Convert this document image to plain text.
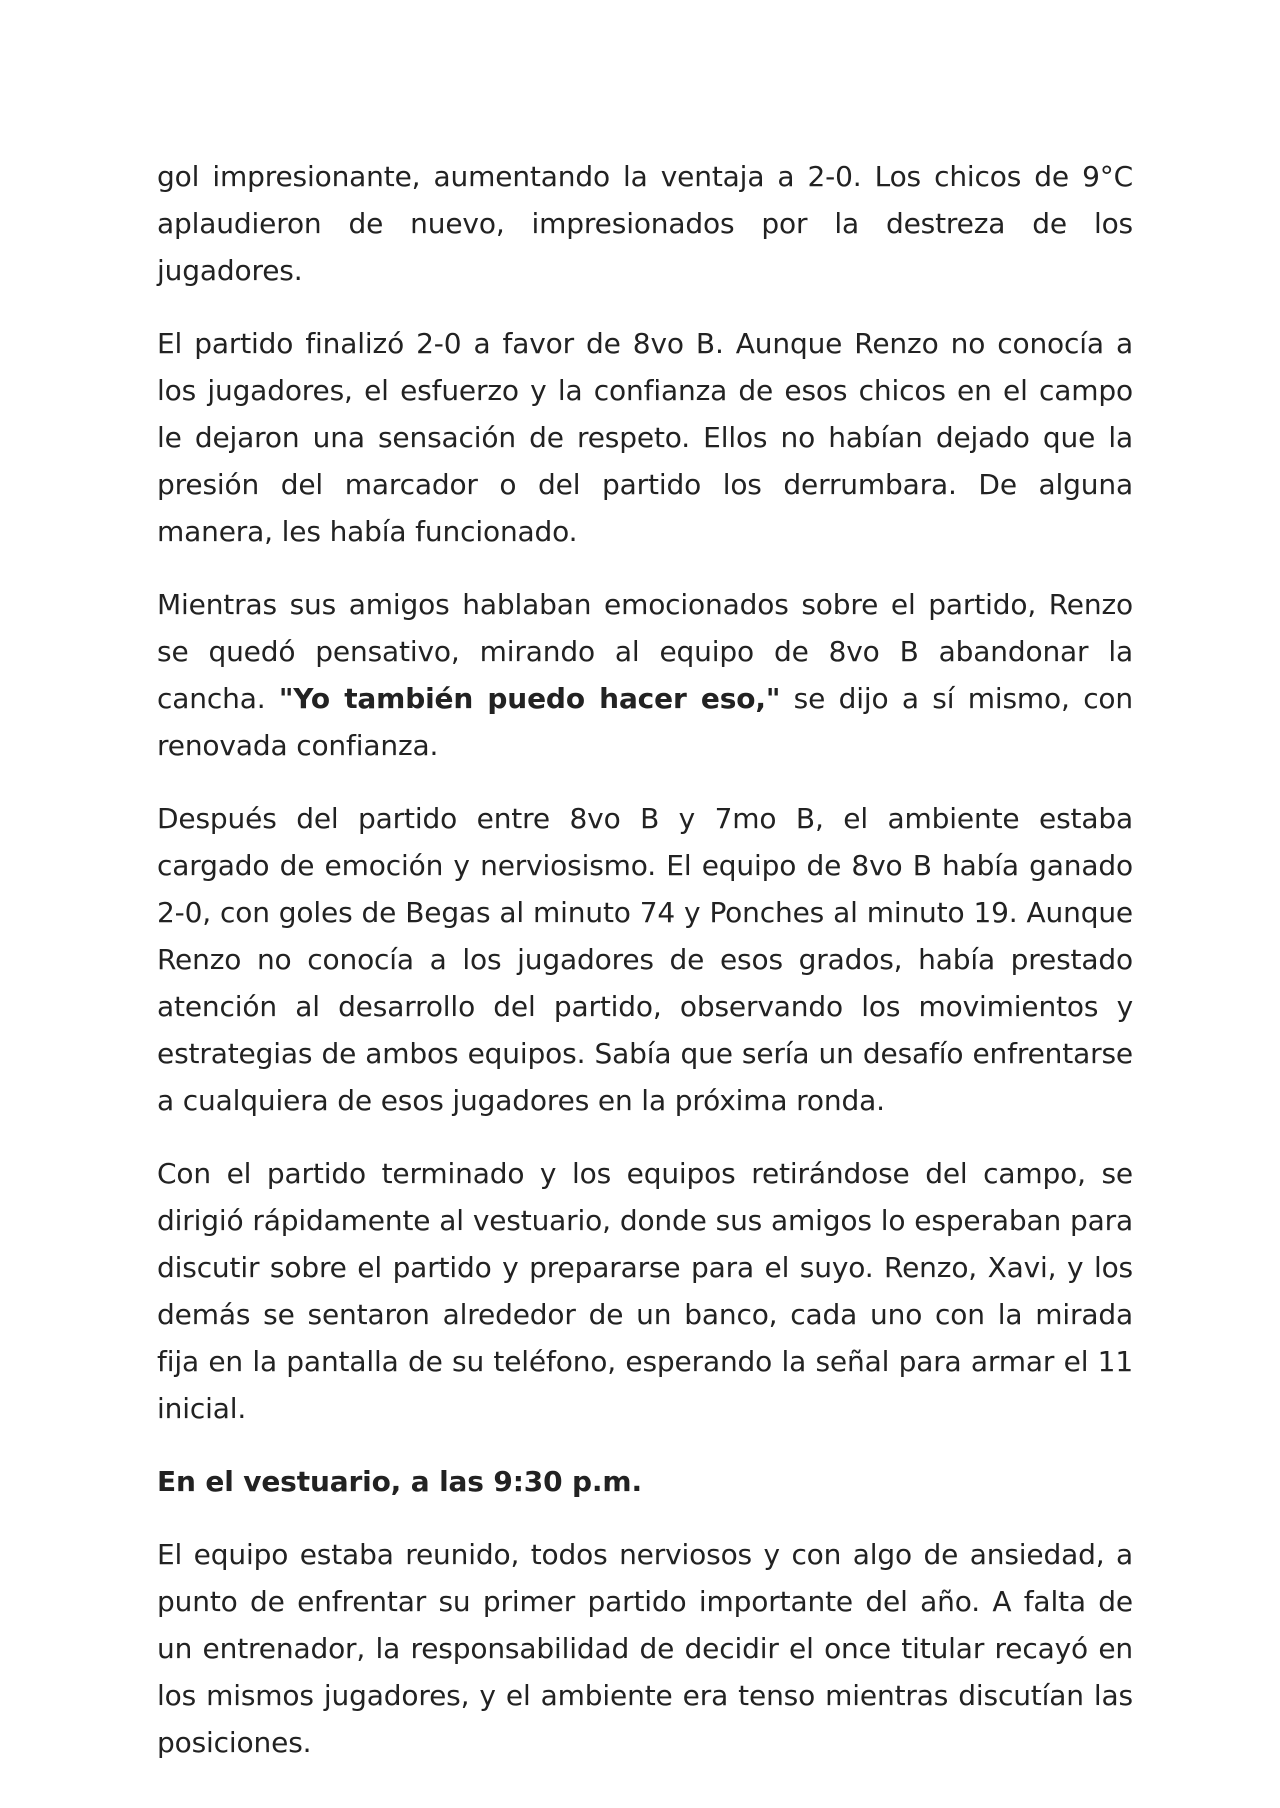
gol impresionante, aumentando la ventaja a 2-0. Los chicos de 9°C aplaudieron de nuevo, impresionados por la destreza de los jugadores.

El partido finalizó 2-0 a favor de 8vo B. Aunque Renzo no conocía a los jugadores, el esfuerzo y la confianza de esos chicos en el campo le dejaron una sensación de respeto. Ellos no habían dejado que la presión del marcador o del partido los derrumbara. De alguna manera, les había funcionado.

Mientras sus amigos hablaban emocionados sobre el partido, Renzo se quedó pensativo, mirando al equipo de 8vo B abandonar la cancha. "Yo también puedo hacer eso," se dijo a sí mismo, con renovada confianza.

Después del partido entre 8vo B y 7mo B, el ambiente estaba cargado de emoción y nerviosismo. El equipo de 8vo B había ganado 2-0, con goles de Begas al minuto 74 y Ponches al minuto 19. Aunque Renzo no conocía a los jugadores de esos grados, había prestado atención al desarrollo del partido, observando los movimientos y estrategias de ambos equipos. Sabía que sería un desafío enfrentarse a cualquiera de esos jugadores en la próxima ronda.

Con el partido terminado y los equipos retirándose del campo, se dirigió rápidamente al vestuario, donde sus amigos lo esperaban para discutir sobre el partido y prepararse para el suyo. Renzo, Xavi, y los demás se sentaron alrededor de un banco, cada uno con la mirada fija en la pantalla de su teléfono, esperando la señal para armar el 11 inicial.

En el vestuario, a las 9:30 p.m.

El equipo estaba reunido, todos nerviosos y con algo de ansiedad, a punto de enfrentar su primer partido importante del año. A falta de un entrenador, la responsabilidad de decidir el once titular recayó en los mismos jugadores, y el ambiente era tenso mientras discutían las posiciones.
